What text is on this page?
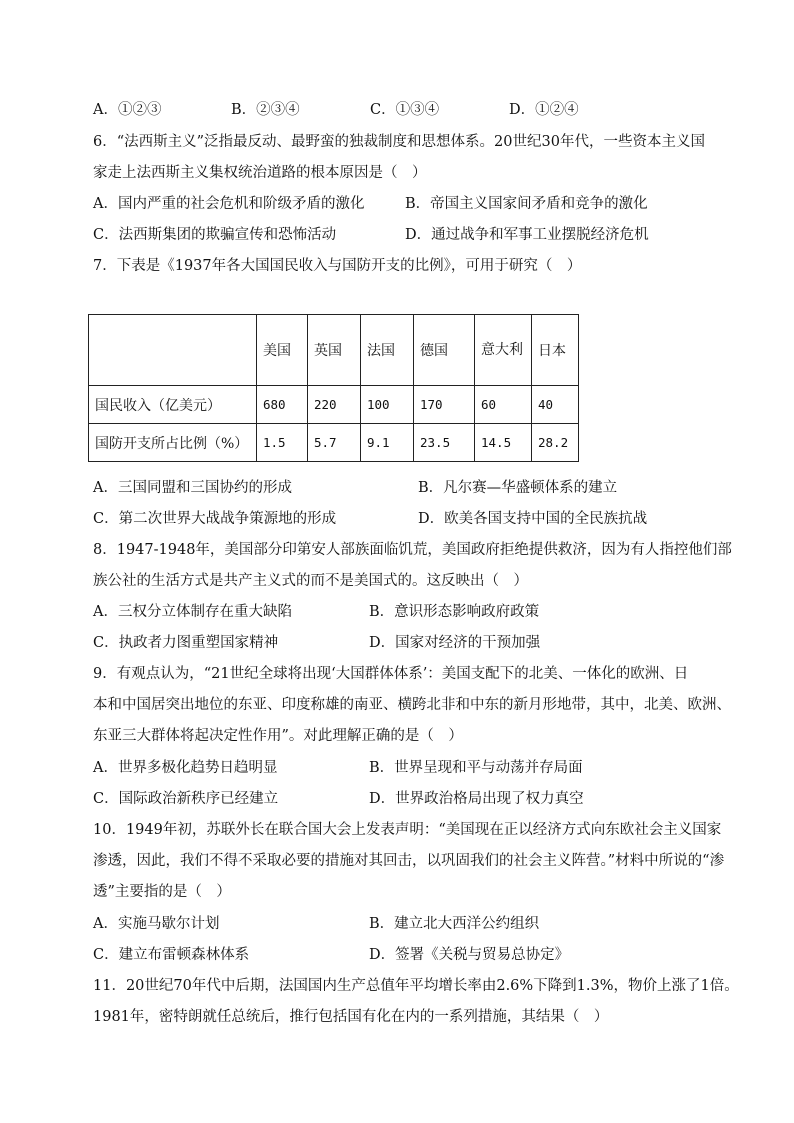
A．①②③	B．②③④	C．①③④	D．①②④
6．“法西斯主义”泛指最反动、最野蛮的独裁制度和思想体系。20世纪30年代，一些资本主义国
家走上法西斯主义集权统治道路的根本原因是（　）
A．国内严重的社会危机和阶级矛盾的激化	B．帝国主义国家间矛盾和竞争的激化
C．法西斯集团的欺骗宣传和恐怖活动	D．通过战争和军事工业摆脱经济危机
7．下表是《1937年各大国国民收入与国防开支的比例》，可用于研究（　）
	美国	英国	法国	德国	意大利	日本
国民收入（亿美元）	680	220	100	170	60	40
国防开支所占比例（%）	1.5	5.7	9.1	23.5	14.5	28.2
A．三国同盟和三国协约的形成	B．凡尔赛—华盛顿体系的建立
C．第二次世界大战战争策源地的形成	D．欧美各国支持中国的全民族抗战
8．1947-1948年，美国部分印第安人部族面临饥荒，美国政府拒绝提供救济，因为有人指控他们部
族公社的生活方式是共产主义式的而不是美国式的。这反映出（　）
A．三权分立体制存在重大缺陷	B．意识形态影响政府政策
C．执政者力图重塑国家精神	D．国家对经济的干预加强
9．有观点认为，“21世纪全球将出现‘大国群体体系’：美国支配下的北美、一体化的欧洲、日
本和中国居突出地位的东亚、印度称雄的南亚、横跨北非和中东的新月形地带，其中，北美、欧洲、
东亚三大群体将起决定性作用”。对此理解正确的是（　）
A．世界多极化趋势日趋明显	B．世界呈现和平与动荡并存局面
C．国际政治新秩序已经建立	D．世界政治格局出现了权力真空
10．1949年初，苏联外长在联合国大会上发表声明：“美国现在正以经济方式向东欧社会主义国家
渗透，因此，我们不得不采取必要的措施对其回击，以巩固我们的社会主义阵营。”材料中所说的“渗
透”主要指的是（　）
A．实施马歇尔计划	B．建立北大西洋公约组织
C．建立布雷顿森林体系	D．签署《关税与贸易总协定》
11．20世纪70年代中后期，法国国内生产总值年平均增长率由2.6%下降到1.3%，物价上涨了1倍。
1981年，密特朗就任总统后，推行包括国有化在内的一系列措施，其结果（　）
